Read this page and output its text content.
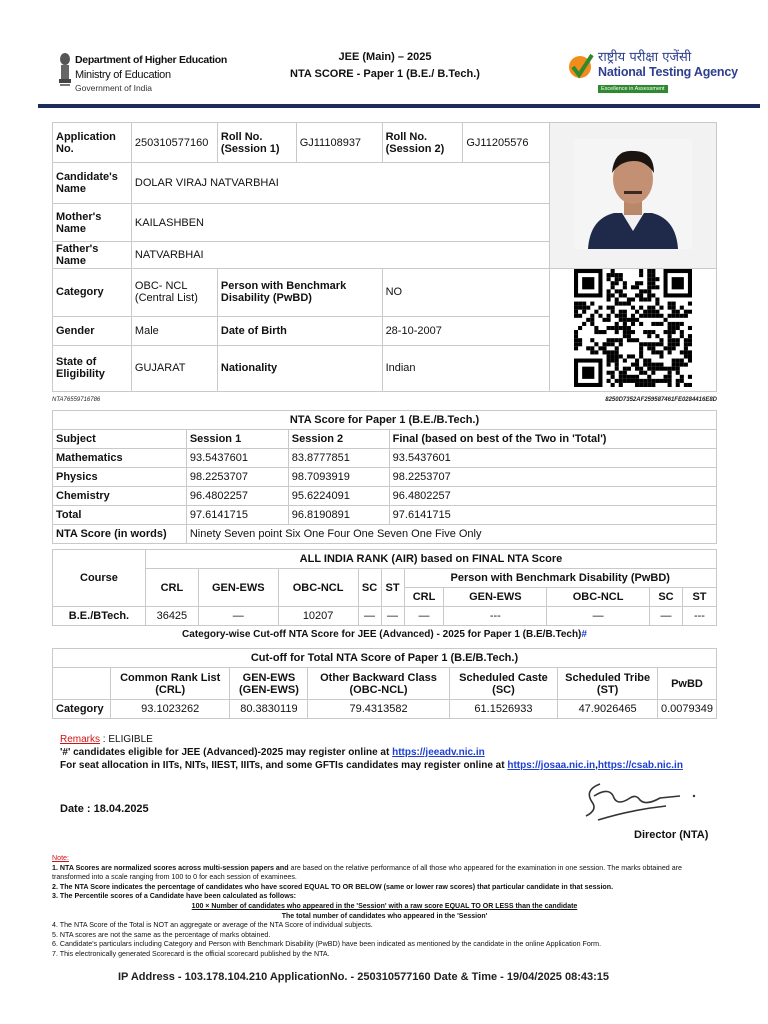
Department of Higher Education
Ministry of Education
Government of India
JEE (Main) – 2025
NTA SCORE - Paper 1 (B.E./ B.Tech.)
राष्ट्रीय परीक्षा एजेंसी
National Testing Agency
Excellence in Assessment
Application No.	250310577160	Roll No. (Session 1)	GJ11108937	Roll No. (Session 2)	GJ11205576	
Candidate's Name	DOLAR VIRAJ NATVARBHAI					
Mother's Name	KAILASHBEN					
Father's Name	NATVARBHAI					
Category	OBC- NCL (Central List)	Person with Benchmark Disability (PwBD)		NO	
Gender	Male	Date of Birth		28-10-2007		
State of Eligibility	GUJARAT	Nationality		Indian		
NTA76559716786	8250D7352AF259587461FE0284416E8D
NTA Score for Paper 1 (B.E./B.Tech.)			
Subject	Session 1	Session 2	Final (based on best of the Two in 'Total')
Mathematics	93.5437601	83.8777851	93.5437601
Physics	98.2253707	98.7093919	98.2253707
Chemistry	96.4802257	95.6224091	96.4802257
Total	97.6141715	96.8190891	97.6141715
NTA Score (in words)	Ninety Seven point Six One Four One Seven One Five Only		
Course	ALL INDIA RANK (AIR) based on FINAL NTA Score									
	CRL	GEN-EWS	OBC-NCL	SC	ST	Person with Benchmark Disability (PwBD)				
						CRL	GEN-EWS	OBC-NCL	SC	ST
B.E./BTech.	36425	—	10207	—	—	—	---	—	—	---
Category-wise Cut-off NTA Score for JEE (Advanced) - 2025 for Paper 1 (B.E/B.Tech)#
Cut-off for Total NTA Score of Paper 1 (B.E/B.Tech.)						
	Common Rank List (CRL)	GEN-EWS (GEN-EWS)	Other Backward Class (OBC-NCL)	Scheduled Caste (SC)	Scheduled Tribe (ST)	PwBD
Category	93.1023262	80.3830119	79.4313582	61.1526933	47.9026465	0.0079349
Remarks : ELIGIBLE
'#' candidates eligible for JEE (Advanced)-2025 may register online at https://jeeadv.nic.in
For seat allocation in IITs, NITs, IIEST, IIITs, and some GFTIs candidates may register online at https://josaa.nic.in,https://csab.nic.in
Date : 18.04.2025
Director (NTA)
Note:
1. NTA Scores are normalized scores across multi-session papers and are based on the relative performance of all those who appeared for the examination in one session. The marks obtained are transformed into a scale ranging from 100 to 0 for each session of examinees.
2. The NTA Score indicates the percentage of candidates who have scored EQUAL TO OR BELOW (same or lower raw scores) that particular candidate in that session.
3. The Percentile scores of a Candidate have been calculated as follows:
100 × Number of candidates who appeared in the 'Session' with a raw score EQUAL TO OR LESS than the candidate
The total number of candidates who appeared in the 'Session'
4. The NTA Score of the Total is NOT an aggregate or average of the NTA Score of individual subjects.
5. NTA scores are not the same as the percentage of marks obtained.
6. Candidate's particulars including Category and Person with Benchmark Disability (PwBD) have been indicated as mentioned by the candidate in the online Application Form.
7. This electronically generated Scorecard is the official scorecard published by the NTA.
IP Address - 103.178.104.210 ApplicationNo. - 250310577160 Date & Time - 19/04/2025 08:43:15
